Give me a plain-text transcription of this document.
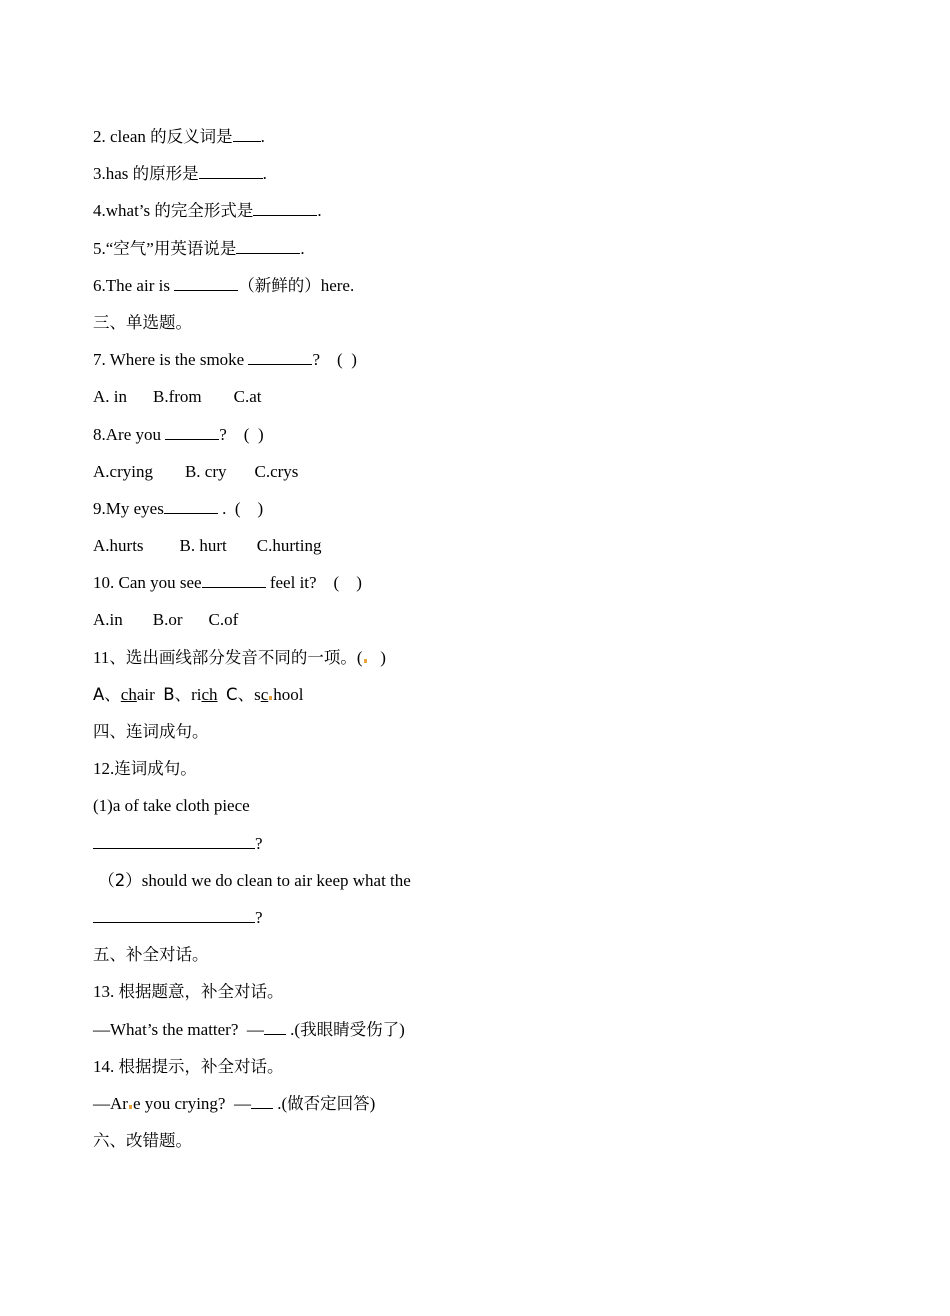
2. clean 的反义词是 .
3.has 的原形是	.
4.what’s 的完全形式是	.
5.“空气”用英语说是	.
6.The air is	（新鲜的）here.
三、单选题。
7. Where is the smoke	?　(  )
A. in B.from C.at
8.Are you	?　(  )
A.crying B. cry C.crys
9.My eyes	.  (    )
A.hurts B. hurt C.hurting
10. Can you see	feel it?　(    )
A.in B.or C.of
11、选出画线部分发音不同的一项。(   )
A、chair B、rich C、sc hool
四、连词成句。
12.连词成句。
(1)a of take cloth piece
?
（2）should we do clean to air keep what the
?
五、补全对话。
13. 根据题意，补全对话。
—What’s the matter?  — .(我眼睛受伤了)
14. 根据提示，补全对话。
—Ar e you crying?  — .(做否定回答)
六、改错题。
